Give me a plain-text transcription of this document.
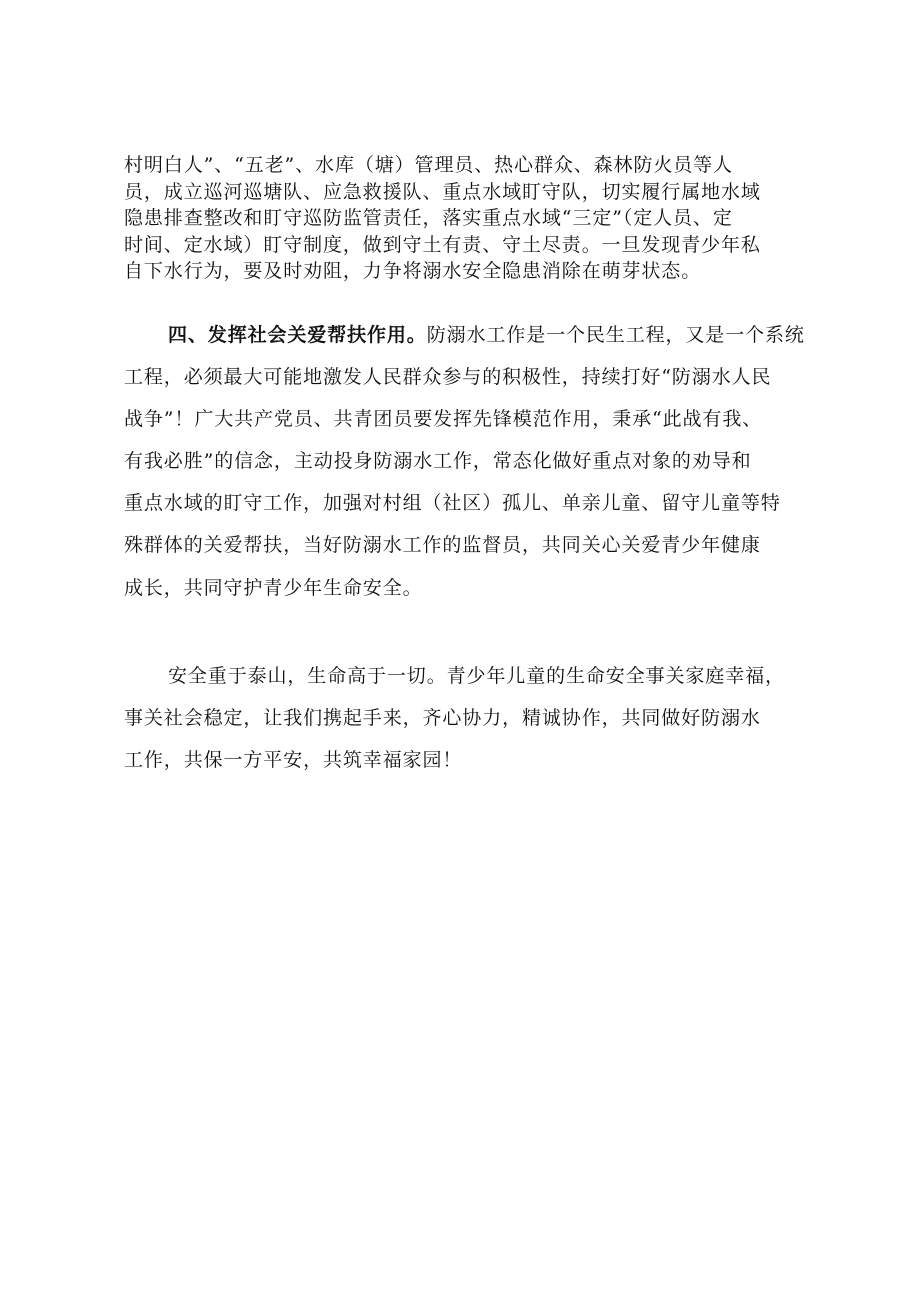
村明白人”、“五老”、水库（塘）管理员、热心群众、森林防火员等人
员，成立巡河巡塘队、应急救援队、重点水域盯守队，切实履行属地水域
隐患排查整改和盯守巡防监管责任，落实重点水域“三定”（定人员、定
时间、定水域）盯守制度，做到守土有责、守土尽责。一旦发现青少年私
自下水行为，要及时劝阻，力争将溺水安全隐患消除在萌芽状态。
四、发挥社会关爱帮扶作用。防溺水工作是一个民生工程，又是一个系统
工程，必须最大可能地激发人民群众参与的积极性，持续打好“防溺水人民
战争”！广大共产党员、共青团员要发挥先锋模范作用，秉承“此战有我、
有我必胜”的信念，主动投身防溺水工作，常态化做好重点对象的劝导和
重点水域的盯守工作，加强对村组（社区）孤儿、单亲儿童、留守儿童等特
殊群体的关爱帮扶，当好防溺水工作的监督员，共同关心关爱青少年健康
成长，共同守护青少年生命安全。
安全重于泰山，生命高于一切。青少年儿童的生命安全事关家庭幸福，
事关社会稳定，让我们携起手来，齐心协力，精诚协作，共同做好防溺水
工作，共保一方平安，共筑幸福家园！
